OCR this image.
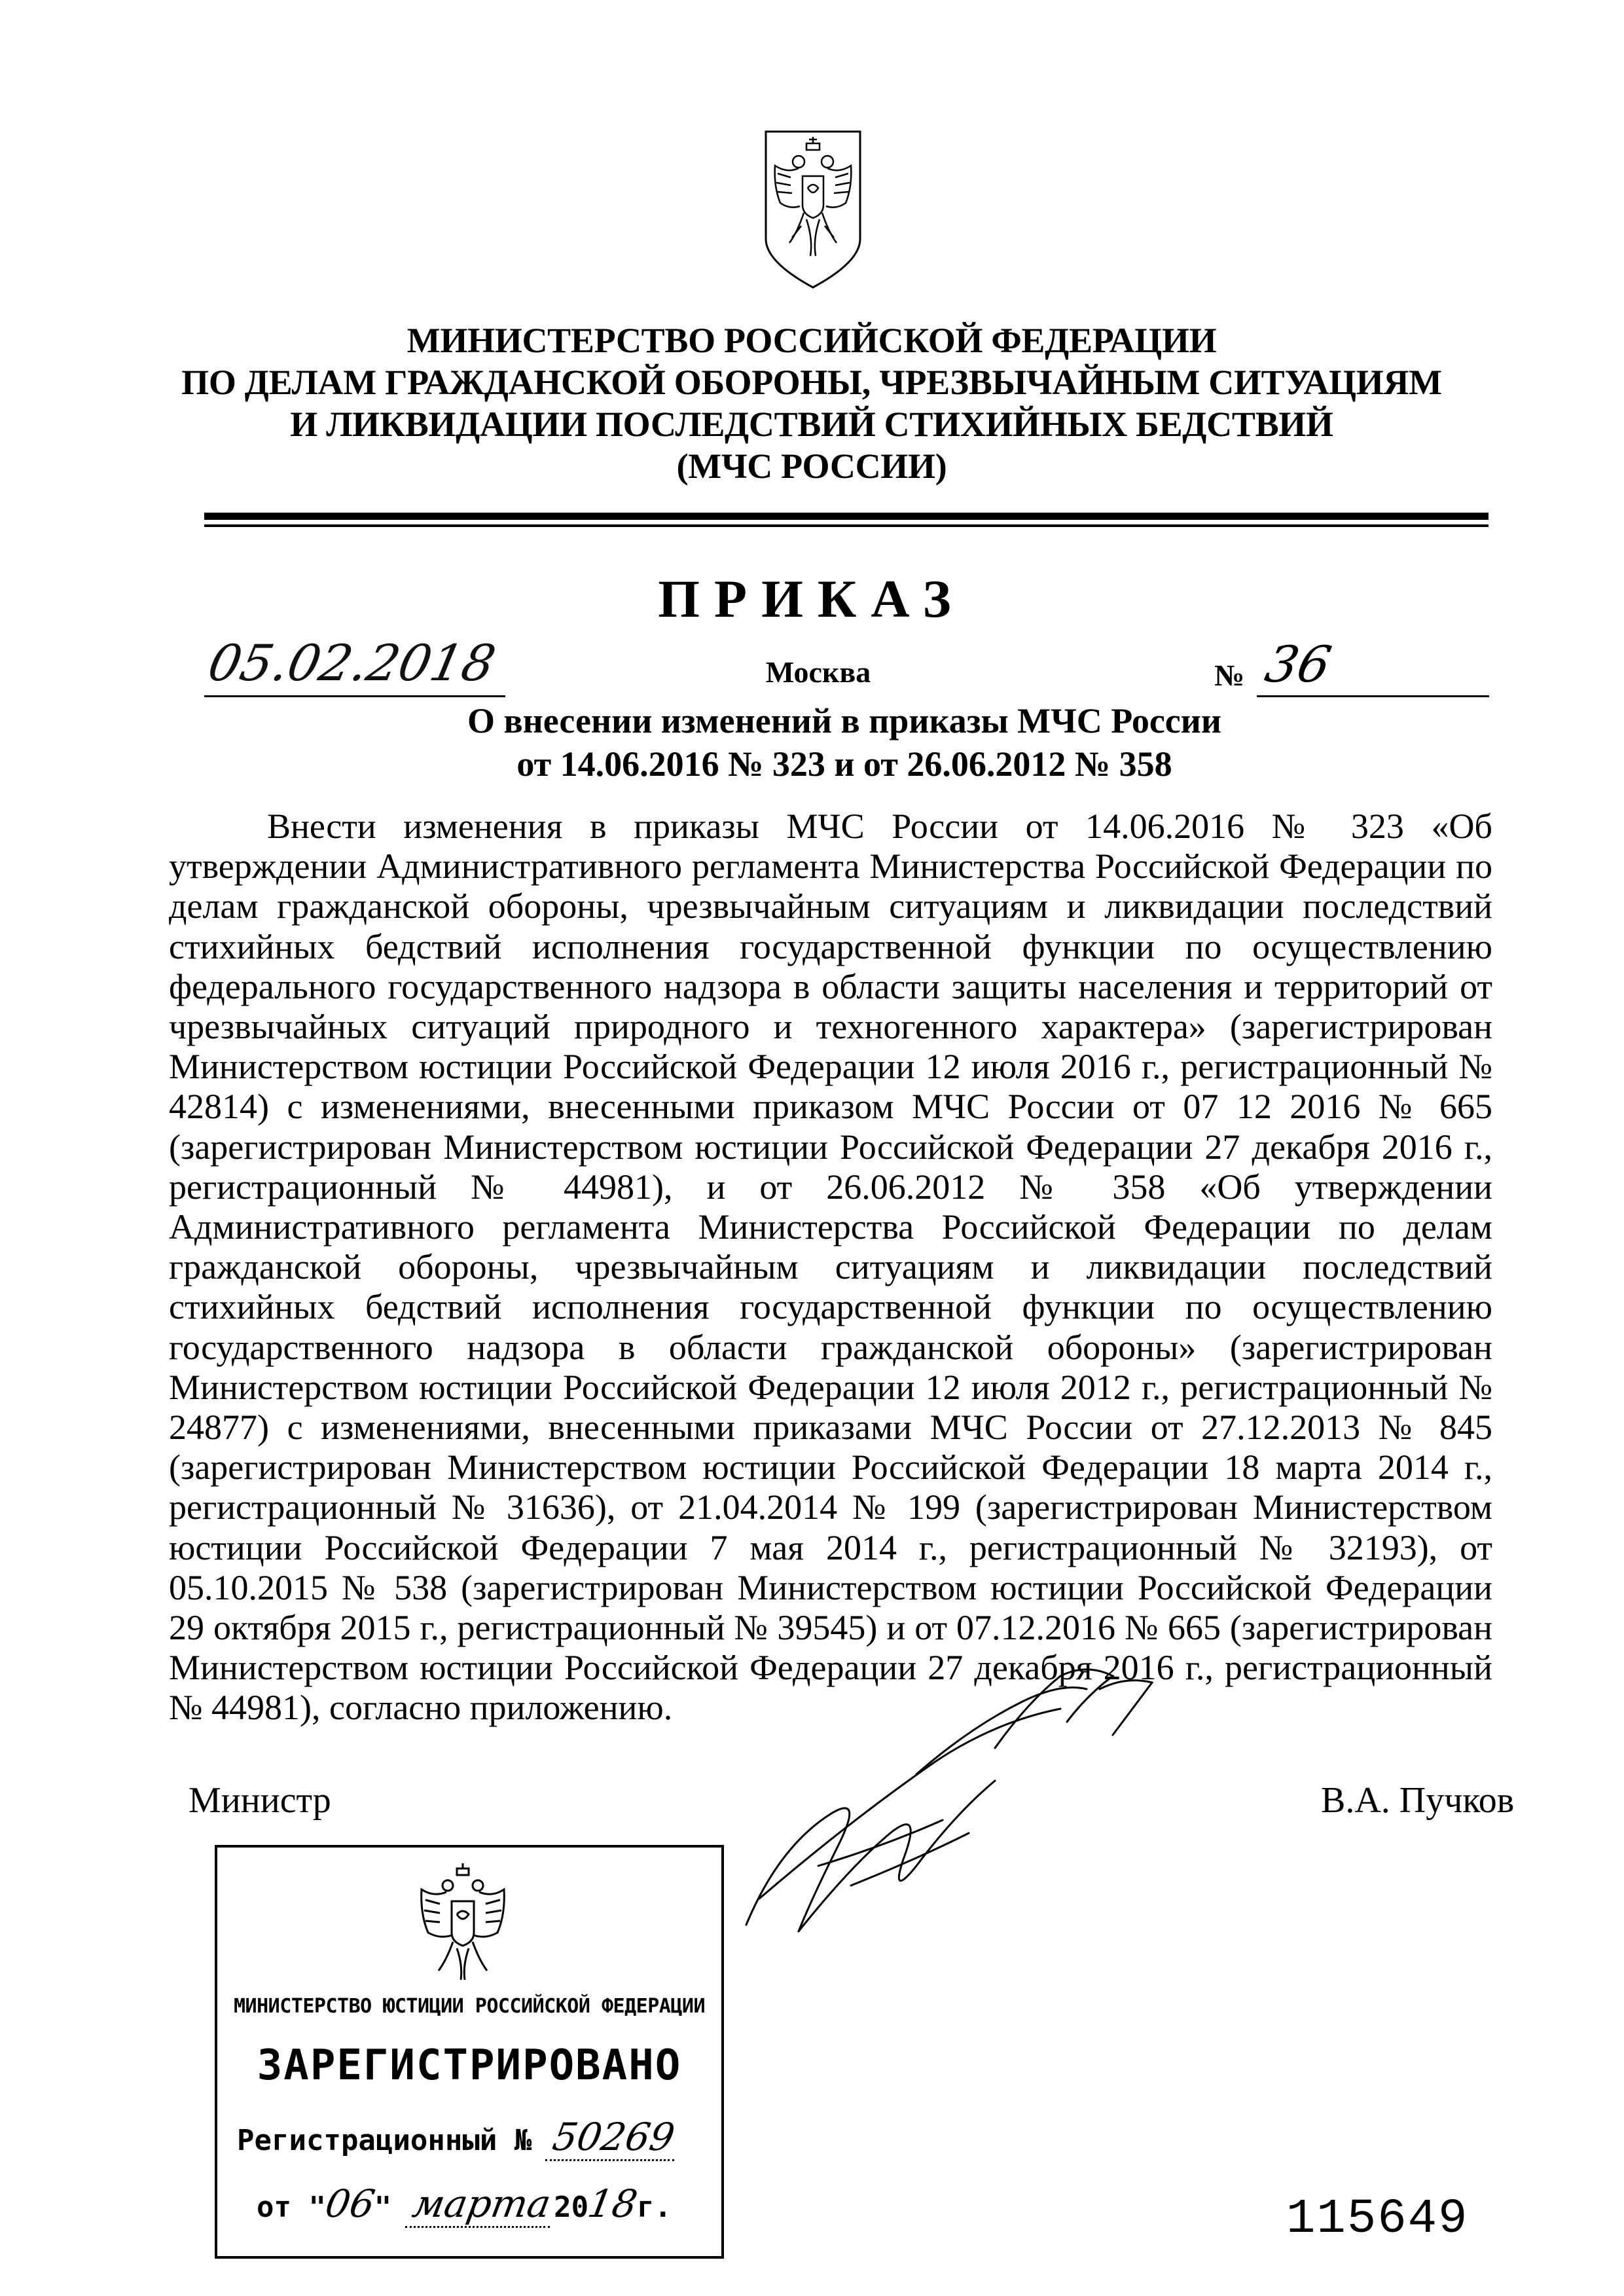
МИНИСТЕРСТВО РОССИЙСКОЙ ФЕДЕРАЦИИ
ПО ДЕЛАМ ГРАЖДАНСКОЙ ОБОРОНЫ, ЧРЕЗВЫЧАЙНЫМ СИТУАЦИЯМ
И ЛИКВИДАЦИИ ПОСЛЕДСТВИЙ СТИХИЙНЫХ БЕДСТВИЙ
(МЧС РОССИИ)
ПРИКАЗ
05.02.2018	Москва	№ 36
О внесении изменений в приказы МЧС России
от 14.06.2016 № 323 и от 26.06.2012 № 358
Внести изменения в приказы МЧС России от 14.06.2016 № 323 «Об утверждении Административного регламента Министерства Российской Федерации по делам гражданской обороны, чрезвычайным ситуациям и ликвидации последствий стихийных бедствий исполнения государственной функции по осуществлению федерального государственного надзора в области защиты населения и территорий от чрезвычайных ситуаций природного и техногенного характера» (зарегистрирован Министерством юстиции Российской Федерации 12 июля 2016 г., регистрационный № 42814) с изменениями, внесенными приказом МЧС России от 07 12 2016 № 665 (зарегистрирован Министерством юстиции Российской Федерации 27 декабря 2016 г., регистрационный № 44981), и от 26.06.2012 № 358 «Об утверждении Административного регламента Министерства Российской Федерации по делам гражданской обороны, чрезвычайным ситуациям и ликвидации последствий стихийных бедствий исполнения государственной функции по осуществлению государственного надзора в области гражданской обороны» (зарегистрирован Министерством юстиции Российской Федерации 12 июля 2012 г., регистрационный № 24877) с изменениями, внесенными приказами МЧС России от 27.12.2013 № 845 (зарегистрирован Министерством юстиции Российской Федерации 18 марта 2014 г., регистрационный № 31636), от 21.04.2014 № 199 (зарегистрирован Министерством юстиции Российской Федерации 7 мая 2014 г., регистрационный № 32193), от 05.10.2015 № 538 (зарегистрирован Министерством юстиции Российской Федерации 29 октября 2015 г., регистрационный № 39545) и от 07.12.2016 № 665 (зарегистрирован Министерством юстиции Российской Федерации 27 декабря 2016 г., регистрационный № 44981), согласно приложению.
Министр	В.А. Пучков
МИНИСТЕРСТВО ЮСТИЦИИ РОССИЙСКОЙ ФЕДЕРАЦИИ
ЗАРЕГИСТРИРОВАНО
Регистрационный № 50269
от "06" марта2018г.	115649
